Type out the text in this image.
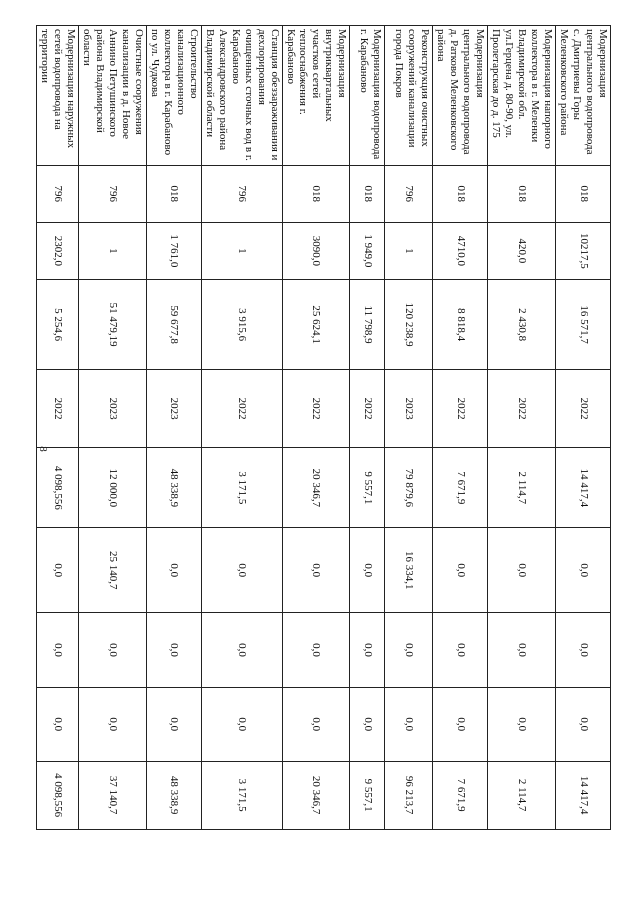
8
Модернизация центрального водопровода с. Дмитриевы Горы Меленковского района	018	10217,5	16 571,7	2022	14 417,4	0,0	0,0	0,0	14 417,4
Модернизация напорного коллектора в г. Меленки Владимирской обл. ул.Герцена д. 80-90, ул. Пролетарская до д. 175	018	420,0	2 430,8	2022	2 114,7	0,0	0,0	0,0	2 114,7
Модернизация центрального водопровода д. Ратково Меленковского района	018	4710,0	8 818,4	2022	7 671,9	0,0	0,0	0,0	7 671,9
Реконструкция очистных сооружений канализации города Покров	796	1	120 238,9	2023	79 879,6	16 334,1	0,0	0,0	96 213,7
Модернизация водопровода г. Карабаново	018	1 949,0	11 798,9	2022	9 557,1	0,0	0,0	0,0	9 557,1
Модернизация внутриквартальных участков сетей теплоснабжения г. Карабаново	018	3090,0	25 624,1	2022	20 346,7	0,0	0,0	0,0	20 346,7
Станция обеззараживания и дехлорирования очищенных сточных вод в г. Карабаново Александровского района Владимирской области	796	1	3 915,6	2022	3 171,5	0,0	0,0	0,0	3 171,5
Строительство канализационного коллектора в г. Карабаново по ул. Чудкова	018	1 761,0	59 677,8	2023	48 338,9	0,0	0,0	0,0	48 338,9
Очистные сооружения канализации в д. Новое Аннино Петушинского района Владимирской области	796	1	51 479,19	2023	12 000,0	25 140,7	0,0	0,0	37 140,7
Модернизация наружных сетей водопровода на территории	796	2302,0	5 254,6	2022	4 098,556	0,0	0,0	0,0	4 098,556
